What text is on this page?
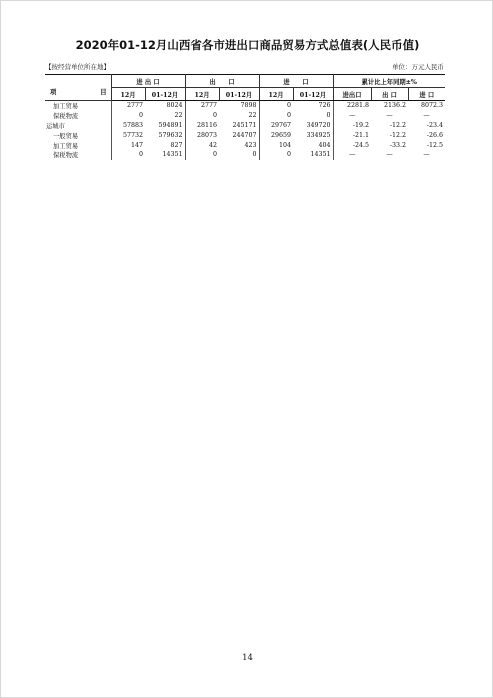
2020年01-12月山西省各市进出口商品贸易方式总值表(人民币值)
【按经营单位所在地】	单位：万元人民币
项 目	进 出 口		出　　口		进　　口		累计比上年同期±%		
	12月	01-12月	12月	01-12月	12月	01-12月	进出口	出 口	进 口
加工贸易	2777	8024	2777	7898	0	726	2281.8	2136.2	8072.3
保税物流	0	22	0	22	0	0	—	—	—
运城市	57883	594891	28116	245171	29767	349720	-19.2	-12.2	-23.4
一般贸易	57732	579632	28073	244707	29659	334925	-21.1	-12.2	-26.6
加工贸易	147	827	42	423	104	404	-24.5	-33.2	-12.5
保税物流	0	14351	0	0	0	14351	—	—	—
14
